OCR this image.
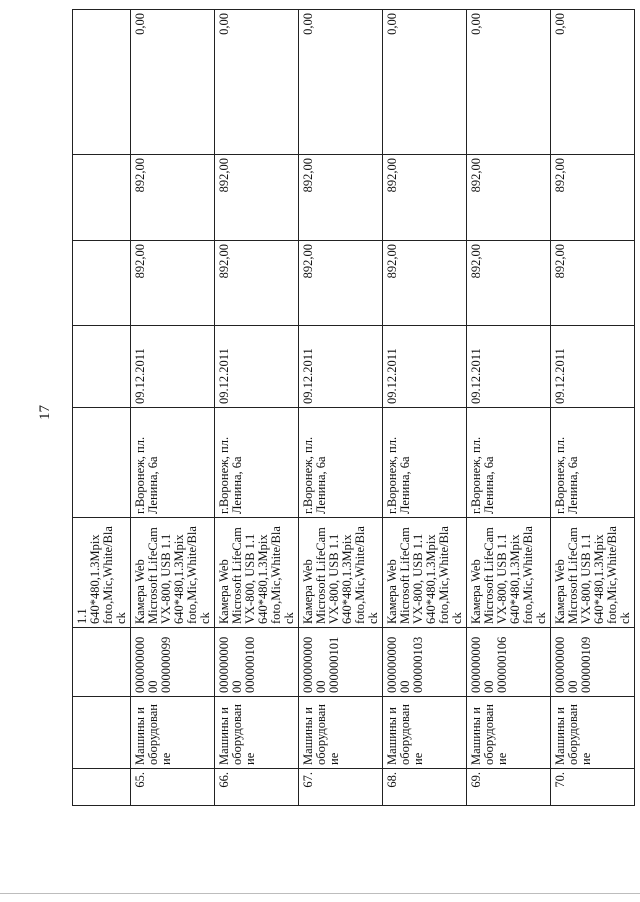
17
			1.1 640*480,1.3Mpix foto,Mic,White/Black					
65.	Машины и оборудование	00000000000 000000099	Камера Web Microsoft LifeCam VX-800, USB 1.1 640*480,1.3Mpix foto,Mic,White/Black	г.Воронеж, пл. Ленина, 6а	09.12.2011	892,00	892,00	0,00
66.	Машины и оборудование	00000000000 000000100	Камера Web Microsoft LifeCam VX-800, USB 1.1 640*480,1.3Mpix foto,Mic,White/Black	г.Воронеж, пл. Ленина, 6а	09.12.2011	892,00	892,00	0,00
67.	Машины и оборудование	00000000000 000000101	Камера Web Microsoft LifeCam VX-800, USB 1.1 640*480,1.3Mpix foto,Mic,White/Black	г.Воронеж, пл. Ленина, 6а	09.12.2011	892,00	892,00	0,00
68.	Машины и оборудование	00000000000 000000103	Камера Web Microsoft LifeCam VX-800, USB 1.1 640*480,1.3Mpix foto,Mic,White/Black	г.Воронеж, пл. Ленина, 6а	09.12.2011	892,00	892,00	0,00
69.	Машины и оборудование	00000000000 000000106	Камера Web Microsoft LifeCam VX-800, USB 1.1 640*480,1.3Mpix foto,Mic,White/Black	г.Воронеж, пл. Ленина, 6а	09.12.2011	892,00	892,00	0,00
70.	Машины и оборудование	00000000000 000000109	Камера Web Microsoft LifeCam VX-800, USB 1.1 640*480,1.3Mpix foto,Mic,White/Black	г.Воронеж, пл. Ленина, 6а	09.12.2011	892,00	892,00	0,00
